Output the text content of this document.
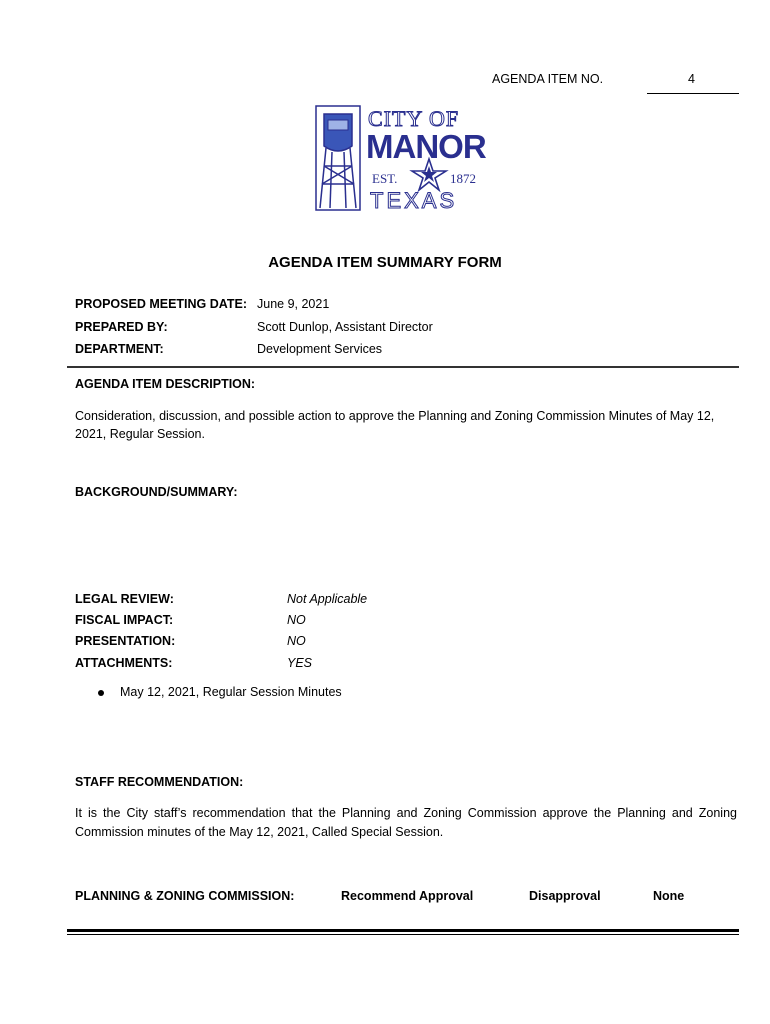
AGENDA ITEM NO.	4
CITY OF
MANOR
EST.	1872
TEXAS
AGENDA ITEM SUMMARY FORM
PROPOSED MEETING DATE: June 9, 2021
PREPARED BY:	Scott Dunlop, Assistant Director
DEPARTMENT:	Development Services
AGENDA ITEM DESCRIPTION:
Consideration, discussion, and possible action to approve the Planning and Zoning Commission Minutes of May 12, 2021, Regular Session.
BACKGROUND/SUMMARY:
LEGAL REVIEW:	Not Applicable
FISCAL IMPACT:	NO
PRESENTATION:	NO
ATTACHMENTS:	YES
May 12, 2021, Regular Session Minutes
STAFF RECOMMENDATION:
It is the City staff’s recommendation that the Planning and Zoning Commission approve the Planning and Zoning Commission minutes of the May 12, 2021, Called Special Session.
PLANNING & ZONING COMMISSION:	Recommend Approval	Disapproval	None
